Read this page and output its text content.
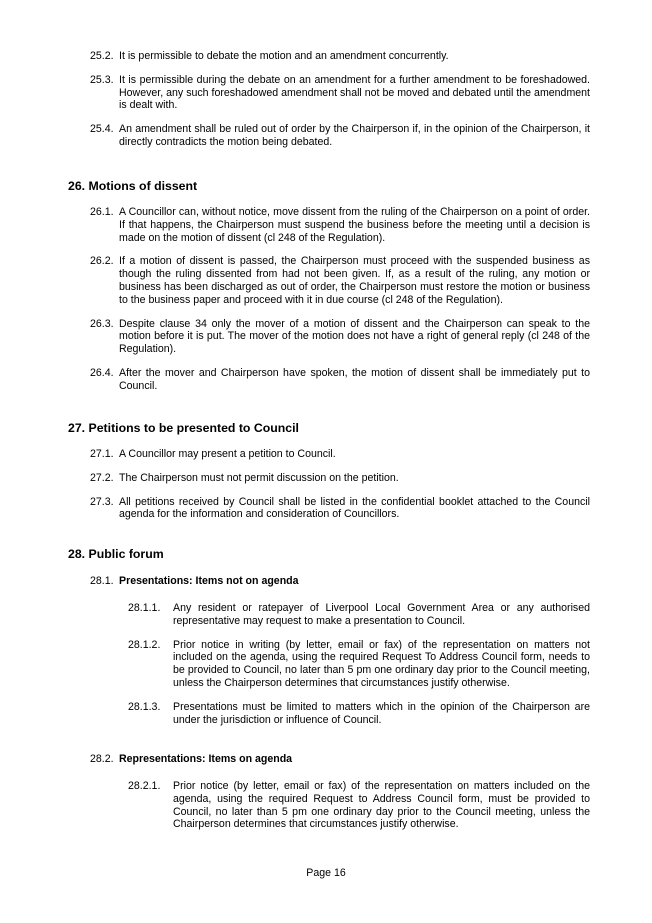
25.2. It is permissible to debate the motion and an amendment concurrently.
25.3. It is permissible during the debate on an amendment for a further amendment to be foreshadowed. However, any such foreshadowed amendment shall not be moved and debated until the amendment is dealt with.
25.4. An amendment shall be ruled out of order by the Chairperson if, in the opinion of the Chairperson, it directly contradicts the motion being debated.
26. Motions of dissent
26.1. A Councillor can, without notice, move dissent from the ruling of the Chairperson on a point of order. If that happens, the Chairperson must suspend the business before the meeting until a decision is made on the motion of dissent (cl 248 of the Regulation).
26.2. If a motion of dissent is passed, the Chairperson must proceed with the suspended business as though the ruling dissented from had not been given. If, as a result of the ruling, any motion or business has been discharged as out of order, the Chairperson must restore the motion or business to the business paper and proceed with it in due course (cl 248 of the Regulation).
26.3. Despite clause 34 only the mover of a motion of dissent and the Chairperson can speak to the motion before it is put. The mover of the motion does not have a right of general reply (cl 248 of the Regulation).
26.4. After the mover and Chairperson have spoken, the motion of dissent shall be immediately put to Council.
27. Petitions to be presented to Council
27.1. A Councillor may present a petition to Council.
27.2. The Chairperson must not permit discussion on the petition.
27.3. All petitions received by Council shall be listed in the confidential booklet attached to the Council agenda for the information and consideration of Councillors.
28. Public forum
28.1. Presentations: Items not on agenda
28.1.1.	Any resident or ratepayer of Liverpool Local Government Area or any authorised representative may request to make a presentation to Council.
28.1.2.	Prior notice in writing (by letter, email or fax) of the representation on matters not included on the agenda, using the required Request To Address Council form, needs to be provided to Council, no later than 5 pm one ordinary day prior to the Council meeting, unless the Chairperson determines that circumstances justify otherwise.
28.1.3.	Presentations must be limited to matters which in the opinion of the Chairperson are under the jurisdiction or influence of Council.
28.2. Representations: Items on agenda
28.2.1.	Prior notice (by letter, email or fax) of the representation on matters included on the agenda, using the required Request to Address Council form, must be provided to Council, no later than 5 pm one ordinary day prior to the Council meeting, unless the Chairperson determines that circumstances justify otherwise.
Page 16
